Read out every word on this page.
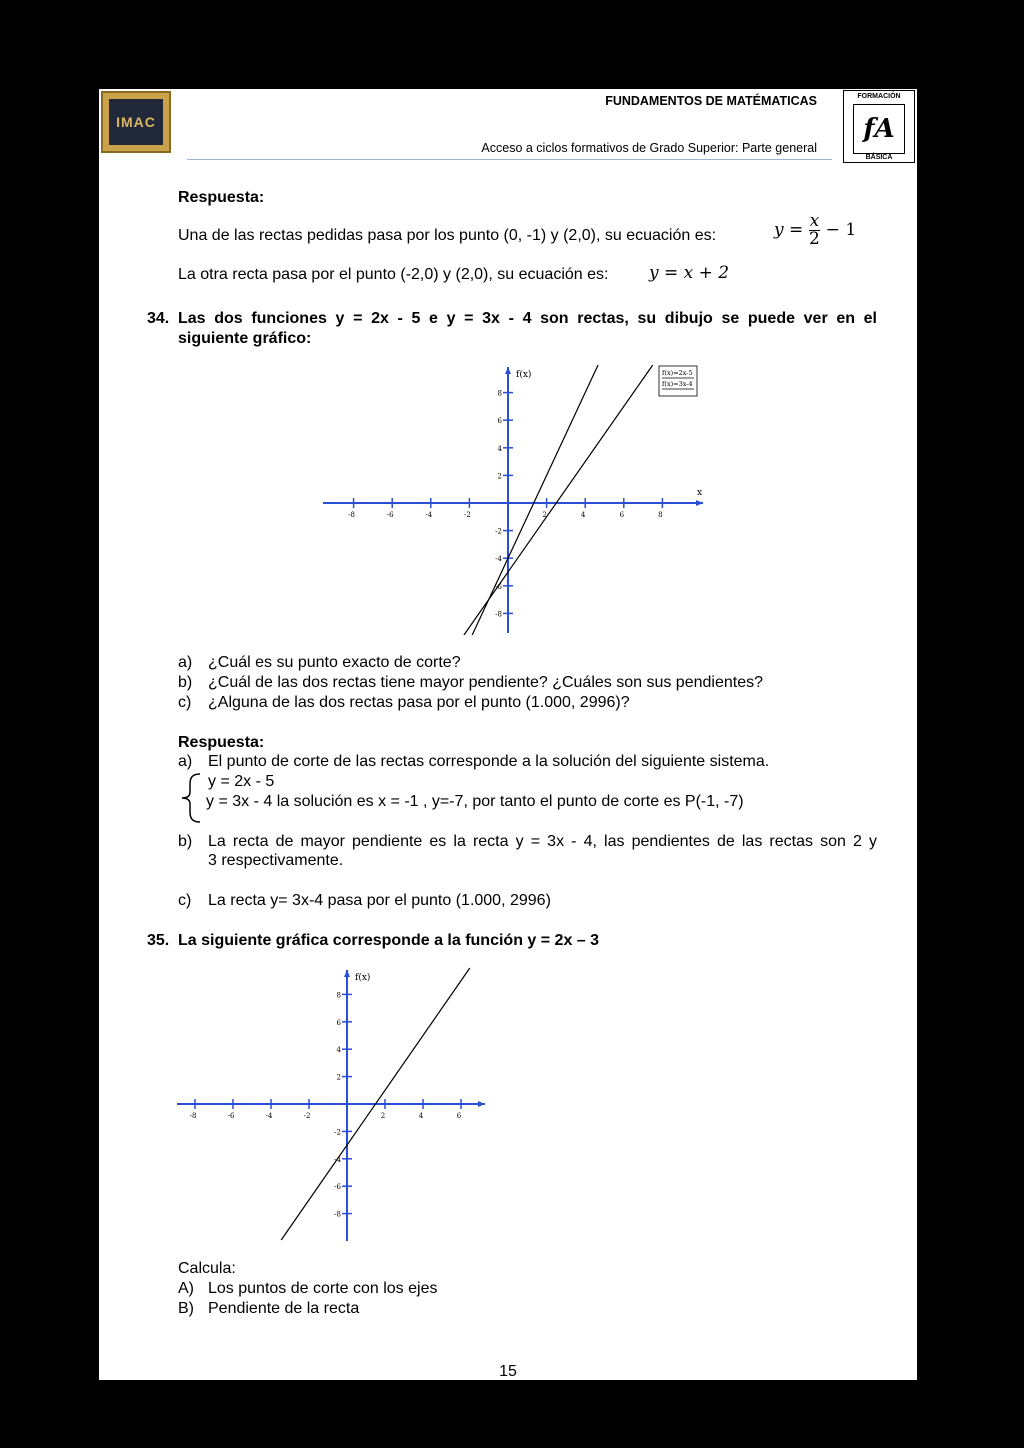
IMAC
FUNDAMENTOS DE MATÉMATICAS
Acceso a ciclos formativos de Grado Superior: Parte general
FORMACIÓN
fA
BÁSICA
Respuesta:
Una de las rectas pedidas pasa por los punto (0, -1) y (2,0), su ecuación es:	$y = \frac{x}{2} - 1$
La otra recta pasa por el punto (-2,0) y (2,0), su ecuación es: y = x + 2
34. Las dos funciones y = 2x - 5 e y = 3x - 4 son rectas, su dibujo se puede ver en el
siguiente gráfico:
-8	-6	-4	-2	2	4	6	8
-8
-6
-4
-2
2
4
6
8
f(x)
x
f(x)=2x-5
f(x)=3x-4
a) ¿Cuál es su punto exacto de corte?
b) ¿Cuál de las dos rectas tiene mayor pendiente? ¿Cuáles son sus pendientes?
c) ¿Alguna de las dos rectas pasa por el punto (1.000, 2996)?
Respuesta:
a) El punto de corte de las rectas corresponde a la solución del siguiente sistema.
y = 2x - 5
y = 3x - 4 la solución es x = -1 , y=-7, por tanto el punto de corte es P(-1, -7)
b) La recta de mayor pendiente es la recta y = 3x - 4, las pendientes de las rectas son 2 y
3 respectivamente.
c) La recta y= 3x-4 pasa por el punto (1.000, 2996)
35. La siguiente gráfica corresponde a la función y = 2x – 3
-8	-6	-4	-2	2	4	6
-8
-6
-4
-2
2
4
6
8
f(x)
Calcula:
A) Los puntos de corte con los ejes
B) Pendiente de la recta
15
